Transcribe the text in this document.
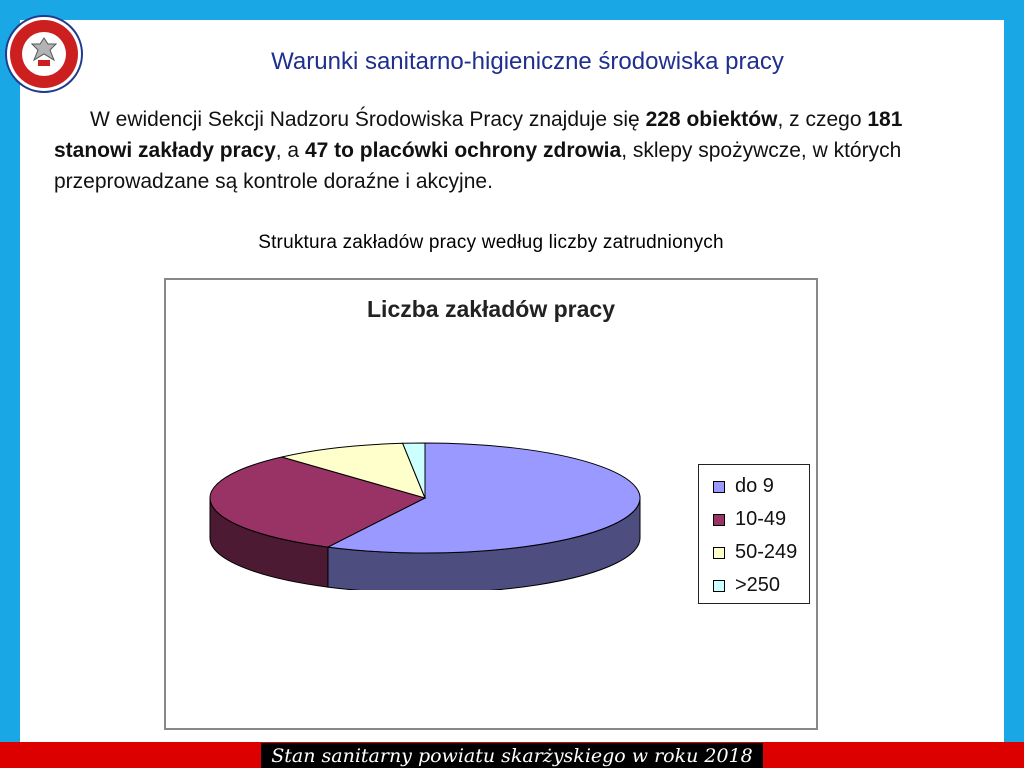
Warunki sanitarno-higieniczne środowiska pracy
W ewidencji Sekcji Nadzoru Środowiska Pracy znajduje się 228 obiektów, z czego 181 stanowi zakłady pracy, a 47 to placówki ochrony zdrowia, sklepy spożywcze, w których przeprowadzane są kontrole doraźne i akcyjne.
Struktura zakładów pracy według liczby zatrudnionych
Liczba zakładów pracy
do 9
10-49
50-249
>250
Stan sanitarny powiatu skarżyskiego w roku 2018
